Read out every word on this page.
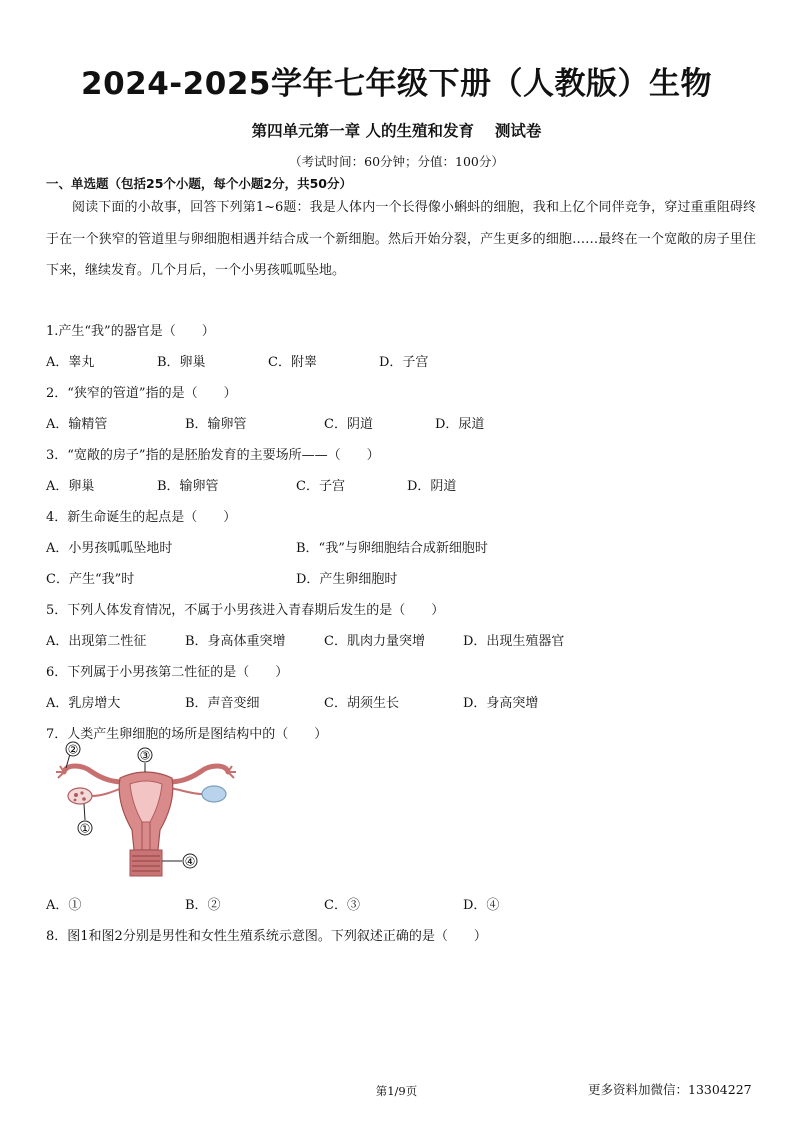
2024-2025学年七年级下册（人教版）生物
第四单元第一章 人的生殖和发育　 测试卷
（考试时间：60分钟；分值：100分）
一、单选题（包括25个小题，每个小题2分，共50分）
阅读下面的小故事，回答下列第1~6题：我是人体内一个长得像小蝌蚪的细胞，我和上亿个同伴竞争，穿过重重阻碍终于在一个狭窄的管道里与卵细胞相遇并结合成一个新细胞。然后开始分裂，产生更多的细胞……最终在一个宽敞的房子里住下来，继续发育。几个月后，一个小男孩呱呱坠地。
1.产生“我”的器官是（　　）
A．睾丸	B．卵巢	C．附睾	D．子宫
2．“狭窄的管道”指的是（　　）
A．输精管	B．输卵管	C．阴道	D．尿道
3．“宽敞的房子”指的是胚胎发育的主要场所——（　　）
A．卵巢	B．输卵管	C．子宫	D．阴道
4．新生命诞生的起点是（　　）
A．小男孩呱呱坠地时	B．“我”与卵细胞结合成新细胞时
C．产生“我”时	D．产生卵细胞时
5．下列人体发育情况，不属于小男孩进入青春期后发生的是（　　）
A．出现第二性征	B．身高体重突增	C．肌肉力量突增	D．出现生殖器官
6．下列属于小男孩第二性征的是（　　）
A．乳房增大	B．声音变细	C．胡须生长	D．身高突增
7．人类产生卵细胞的场所是图结构中的（　　）
②	③
①
④
A．①	B．②	C．③	D．④
8．图1和图2分别是男性和女性生殖系统示意图。下列叙述正确的是（　　）
第1/9页	更多资料加微信：13304227
